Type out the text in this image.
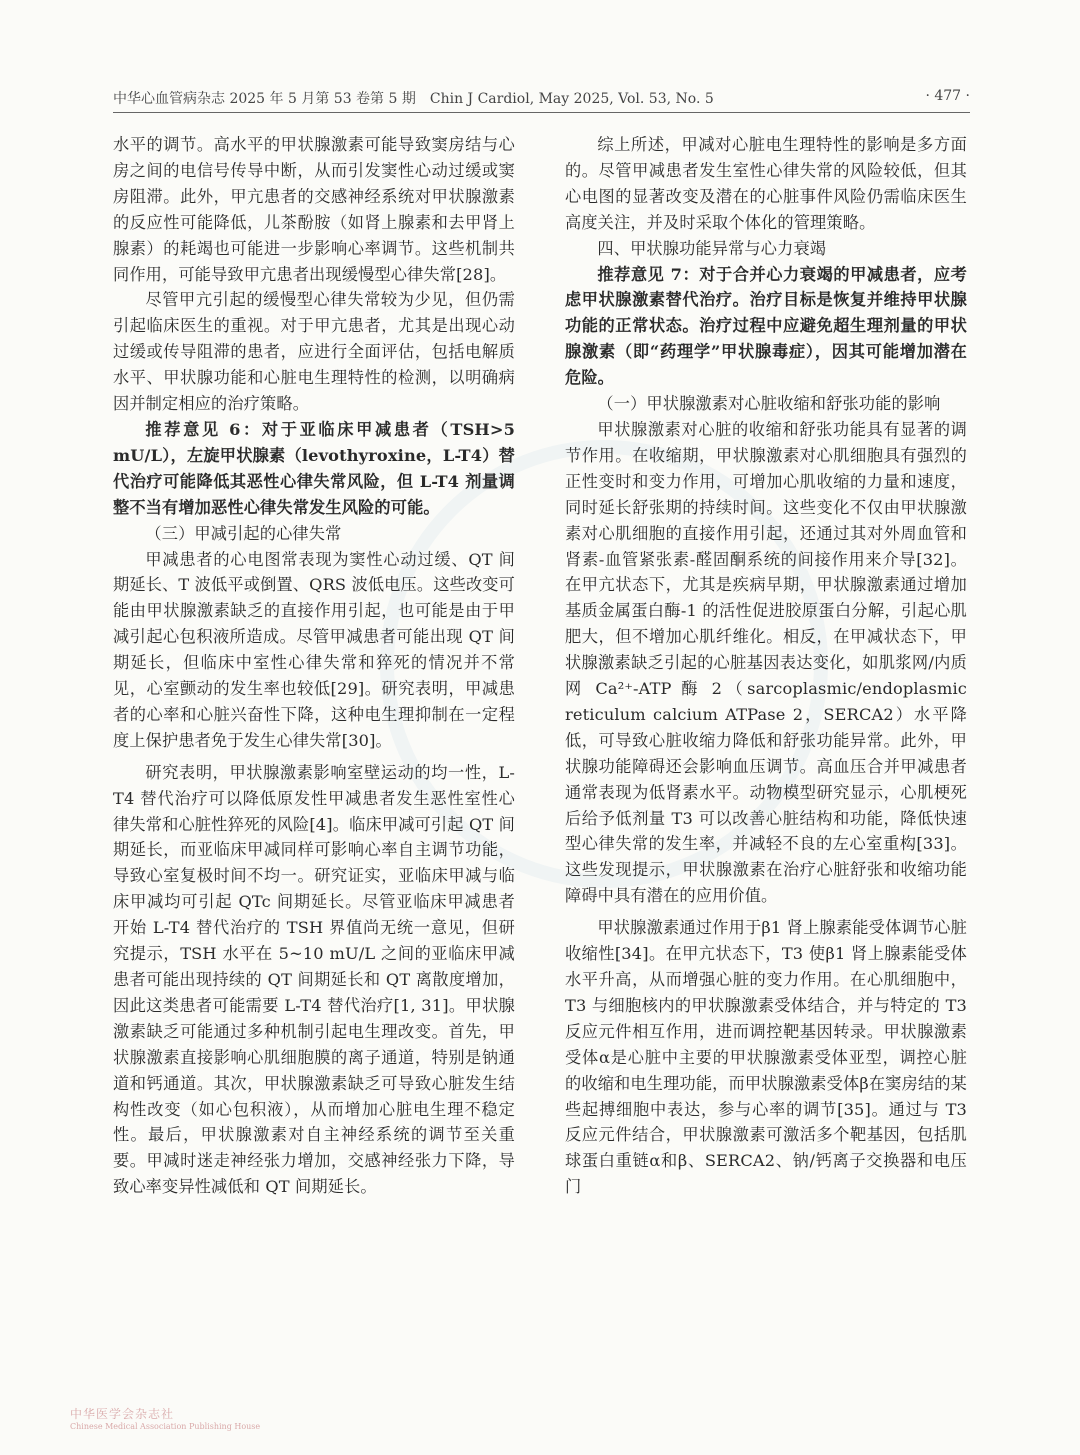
中华心血管病杂志 2025 年 5 月第 53 卷第 5 期　Chin J Cardiol, May 2025, Vol. 53, No. 5	· 477 ·

水平的调节。高水平的甲状腺激素可能导致窦房结与心房之间的电信号传导中断，从而引发窦性心动过缓或窦房阻滞。此外，甲亢患者的交感神经系统对甲状腺激素的反应性可能降低，儿茶酚胺（如肾上腺素和去甲肾上腺素）的耗竭也可能进一步影响心率调节。这些机制共同作用，可能导致甲亢患者出现缓慢型心律失常[28]。

尽管甲亢引起的缓慢型心律失常较为少见，但仍需引起临床医生的重视。对于甲亢患者，尤其是出现心动过缓或传导阻滞的患者，应进行全面评估，包括电解质水平、甲状腺功能和心脏电生理特性的检测，以明确病因并制定相应的治疗策略。

推荐意见 6：对于亚临床甲减患者（TSH>5 mU/L），左旋甲状腺素（levothyroxine，L-T4）替代治疗可能降低其恶性心律失常风险，但 L-T4 剂量调整不当有增加恶性心律失常发生风险的可能。

（三）甲减引起的心律失常

甲减患者的心电图常表现为窦性心动过缓、QT 间期延长、T 波低平或倒置、QRS 波低电压。这些改变可能由甲状腺激素缺乏的直接作用引起，也可能是由于甲减引起心包积液所造成。尽管甲减患者可能出现 QT 间期延长，但临床中室性心律失常和猝死的情况并不常见，心室颤动的发生率也较低[29]。研究表明，甲减患者的心率和心脏兴奋性下降，这种电生理抑制在一定程度上保护患者免于发生心律失常[30]。

研究表明，甲状腺激素影响室壁运动的均一性，L-T4 替代治疗可以降低原发性甲减患者发生恶性室性心律失常和心脏性猝死的风险[4]。临床甲减可引起 QT 间期延长，而亚临床甲减同样可影响心率自主调节功能，导致心室复极时间不均一。研究证实，亚临床甲减与临床甲减均可引起 QTc 间期延长。尽管亚临床甲减患者开始 L-T4 替代治疗的 TSH 界值尚无统一意见，但研究提示，TSH 水平在 5~10 mU/L 之间的亚临床甲减患者可能出现持续的 QT 间期延长和 QT 离散度增加，因此这类患者可能需要 L-T4 替代治疗[1, 31]。甲状腺激素缺乏可能通过多种机制引起电生理改变。首先，甲状腺激素直接影响心肌细胞膜的离子通道，特别是钠通道和钙通道。其次，甲状腺激素缺乏可导致心脏发生结构性改变（如心包积液），从而增加心脏电生理不稳定性。最后，甲状腺激素对自主神经系统的调节至关重要。甲减时迷走神经张力增加，交感神经张力下降，导致心率变异性减低和 QT 间期延长。

综上所述，甲减对心脏电生理特性的影响是多方面的。尽管甲减患者发生室性心律失常的风险较低，但其心电图的显著改变及潜在的心脏事件风险仍需临床医生高度关注，并及时采取个体化的管理策略。

四、甲状腺功能异常与心力衰竭

推荐意见 7：对于合并心力衰竭的甲减患者，应考虑甲状腺激素替代治疗。治疗目标是恢复并维持甲状腺功能的正常状态。治疗过程中应避免超生理剂量的甲状腺激素（即“药理学”甲状腺毒症），因其可能增加潜在危险。

（一）甲状腺激素对心脏收缩和舒张功能的影响

甲状腺激素对心脏的收缩和舒张功能具有显著的调节作用。在收缩期，甲状腺激素对心肌细胞具有强烈的正性变时和变力作用，可增加心肌收缩的力量和速度，同时延长舒张期的持续时间。这些变化不仅由甲状腺激素对心肌细胞的直接作用引起，还通过其对外周血管和肾素-血管紧张素-醛固酮系统的间接作用来介导[32]。在甲亢状态下，尤其是疾病早期，甲状腺激素通过增加基质金属蛋白酶-1 的活性促进胶原蛋白分解，引起心肌肥大，但不增加心肌纤维化。相反，在甲减状态下，甲状腺激素缺乏引起的心脏基因表达变化，如肌浆网/内质网 Ca²⁺-ATP 酶 2（sarcoplasmic/endoplasmic reticulum calcium ATPase 2，SERCA2）水平降低，可导致心脏收缩力降低和舒张功能异常。此外，甲状腺功能障碍还会影响血压调节。高血压合并甲减患者通常表现为低肾素水平。动物模型研究显示，心肌梗死后给予低剂量 T3 可以改善心脏结构和功能，降低快速型心律失常的发生率，并减轻不良的左心室重构[33]。这些发现提示，甲状腺激素在治疗心脏舒张和收缩功能障碍中具有潜在的应用价值。

甲状腺激素通过作用于β1 肾上腺素能受体调节心脏收缩性[34]。在甲亢状态下，T3 使β1 肾上腺素能受体水平升高，从而增强心脏的变力作用。在心肌细胞中，T3 与细胞核内的甲状腺激素受体结合，并与特定的 T3 反应元件相互作用，进而调控靶基因转录。甲状腺激素受体α是心脏中主要的甲状腺激素受体亚型，调控心脏的收缩和电生理功能，而甲状腺激素受体β在窦房结的某些起搏细胞中表达，参与心率的调节[35]。通过与 T3 反应元件结合，甲状腺激素可激活多个靶基因，包括肌球蛋白重链α和β、SERCA2、钠/钙离子交换器和电压门

中华医学会杂志社
Chinese Medical Association Publishing House
